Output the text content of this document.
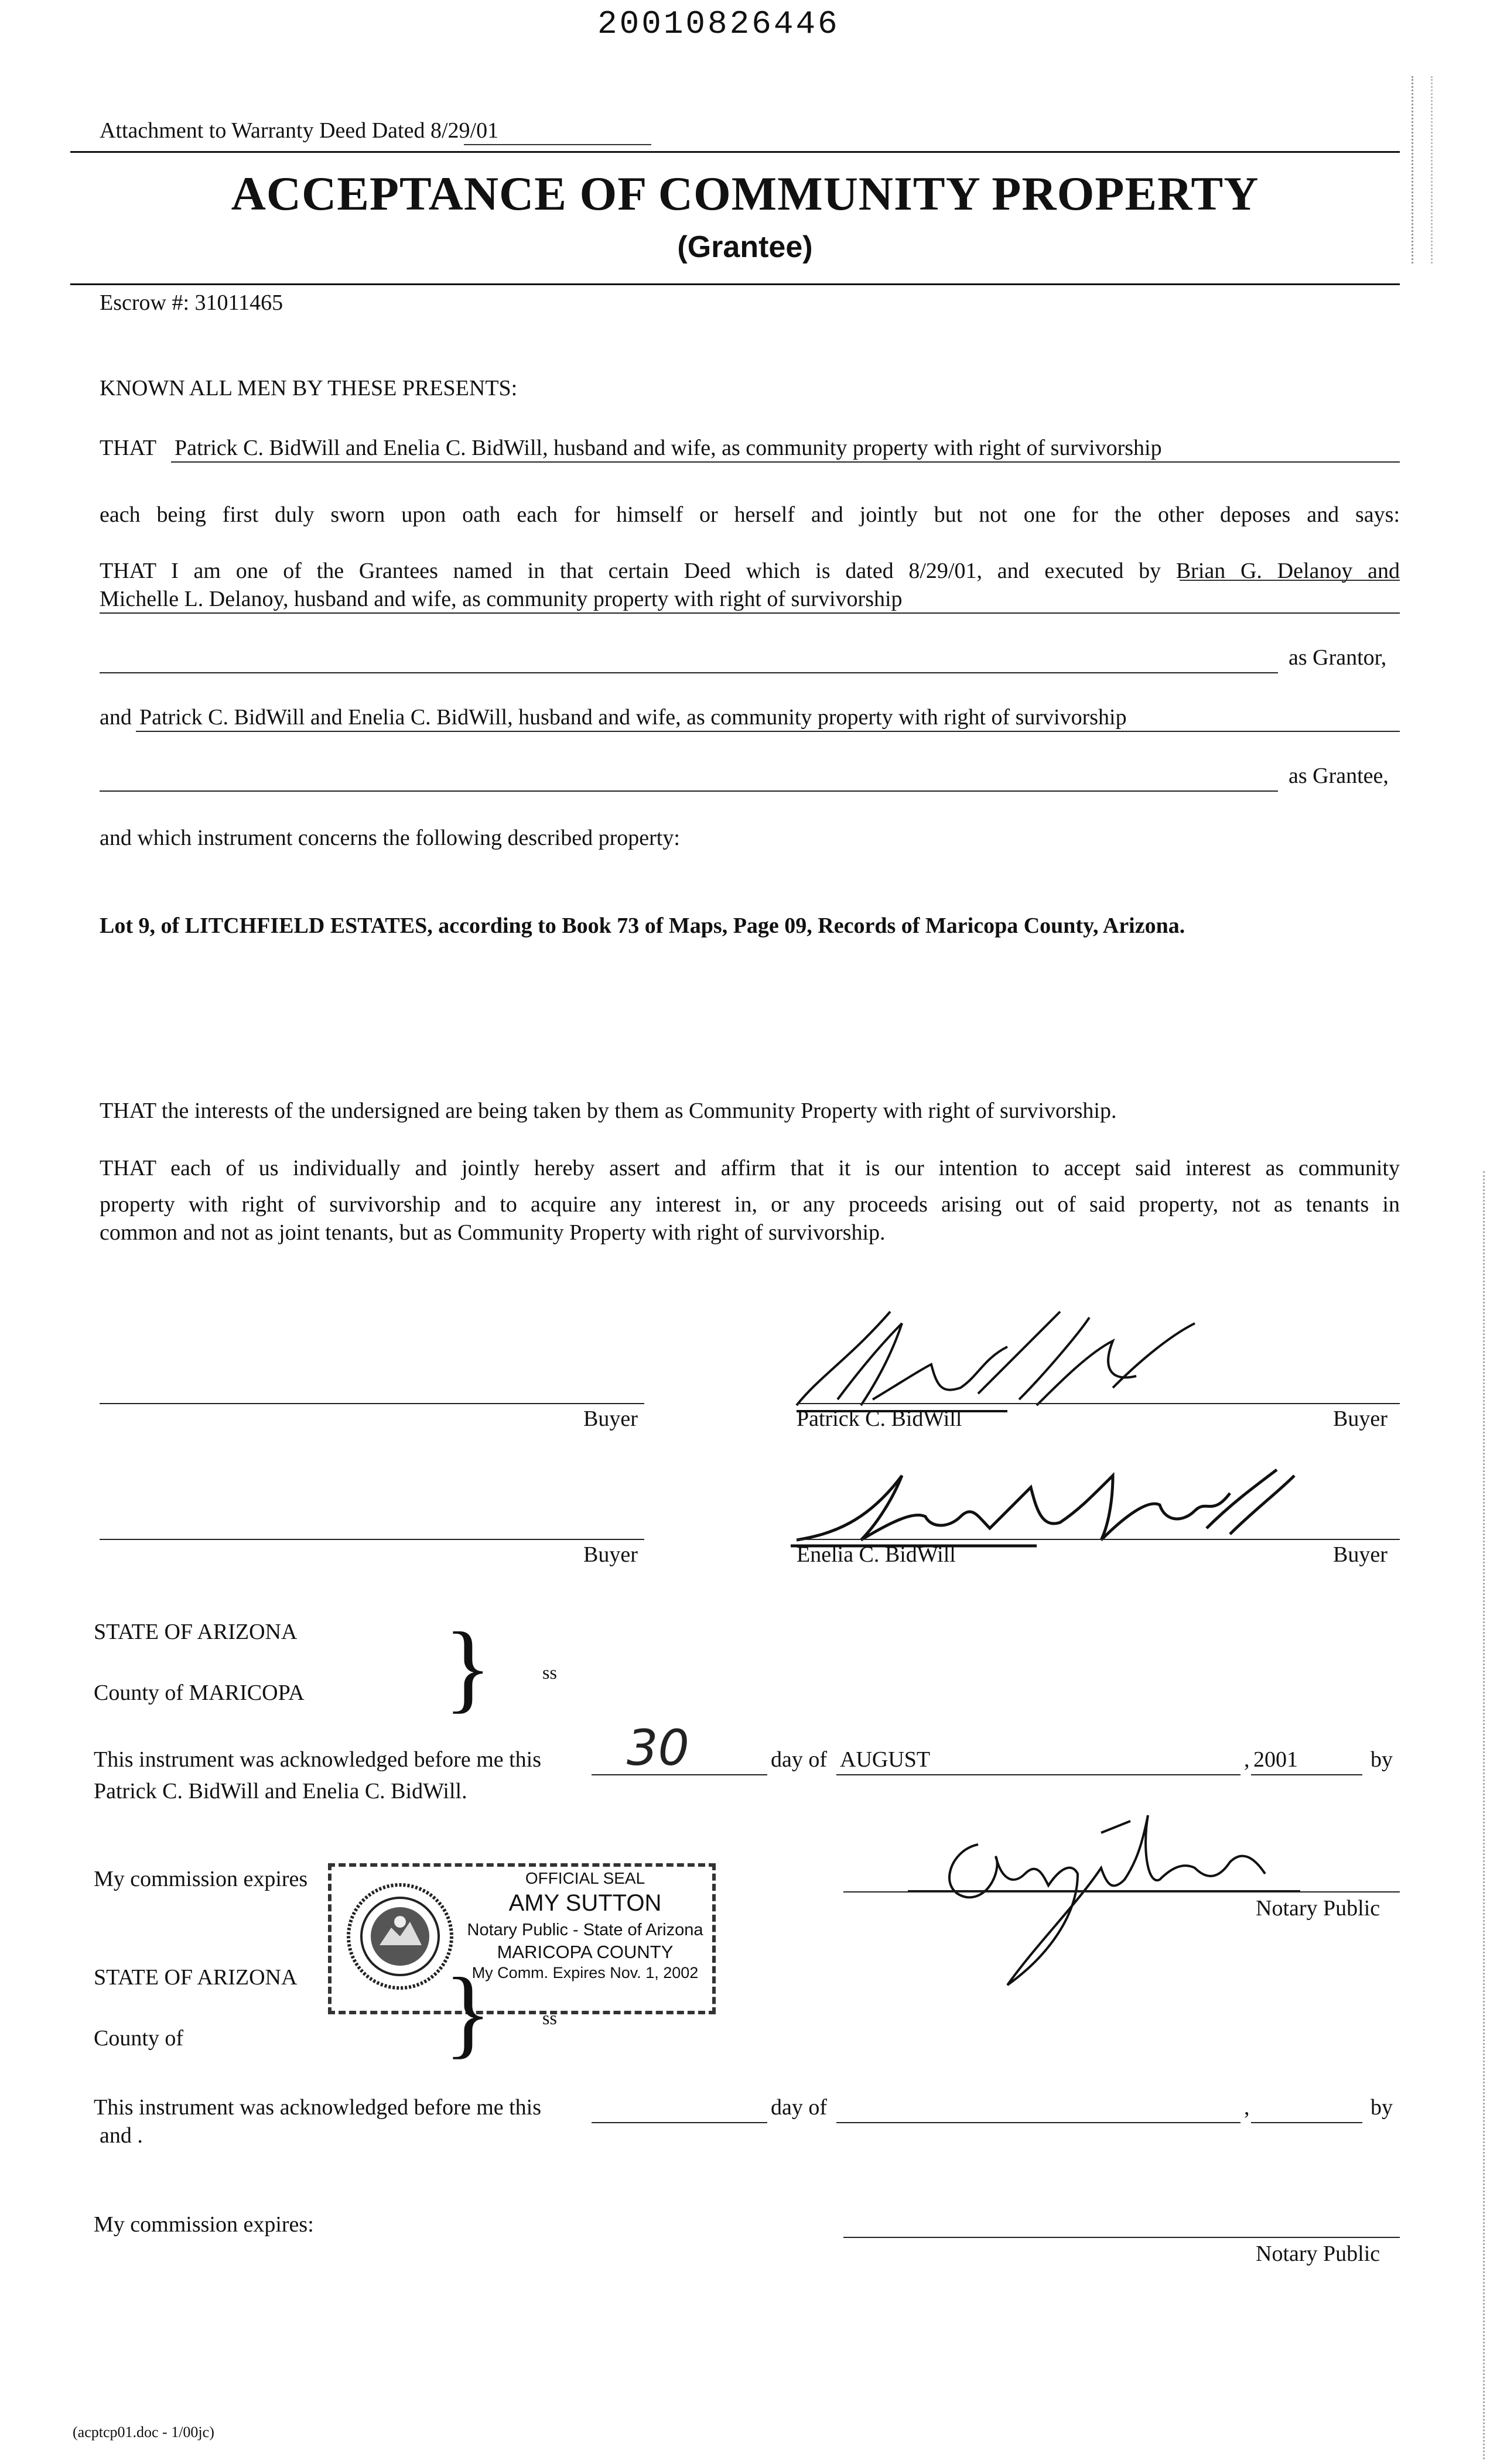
20010826446
Attachment to Warranty Deed Dated 8/29/01
ACCEPTANCE OF COMMUNITY PROPERTY
(Grantee)
Escrow #: 31011465
KNOWN ALL MEN BY THESE PRESENTS:
THAT Patrick C. BidWill and Enelia C. BidWill, husband and wife, as community property with right of survivorship
each being first duly sworn upon oath each for himself or herself and jointly but not one for the other deposes and says:
THAT I am one of the Grantees named in that certain Deed which is dated 8/29/01, and executed by Brian G. Delanoy and
Michelle L. Delanoy, husband and wife, as community property with right of survivorship
as Grantor,
and Patrick C. BidWill and Enelia C. BidWill, husband and wife, as community property with right of survivorship
as Grantee,
and which instrument concerns the following described property:
Lot 9, of LITCHFIELD ESTATES, according to Book 73 of Maps, Page 09, Records of Maricopa County, Arizona.
THAT the interests of the undersigned are being taken by them as Community Property with right of survivorship.
THAT each of us individually and jointly hereby assert and affirm that it is our intention to accept said interest as community
property with right of survivorship and to acquire any interest in, or any proceeds arising out of said property, not as tenants in
common and not as joint tenants, but as Community Property with right of survivorship.
Buyer	Patrick C. BidWill	Buyer
Buyer	Enelia C. BidWill	Buyer
STATE OF ARIZONA
County of MARICOPA }	ss
This instrument was acknowledged before me this 30	day of AUGUST	, 2001	by
Patrick C. BidWill and Enelia C. BidWill.
My commission expires	OFFICIAL SEAL
AMY SUTTON
Notary Public - State of Arizona
MARICOPA COUNTY
My Comm. Expires Nov. 1, 2002
Notary Public
STATE OF ARIZONA
County of	}	ss
This instrument was acknowledged before me this	day of	,	by
and .
My commission expires:
Notary Public
(acptcp01.doc - 1/00jc)
